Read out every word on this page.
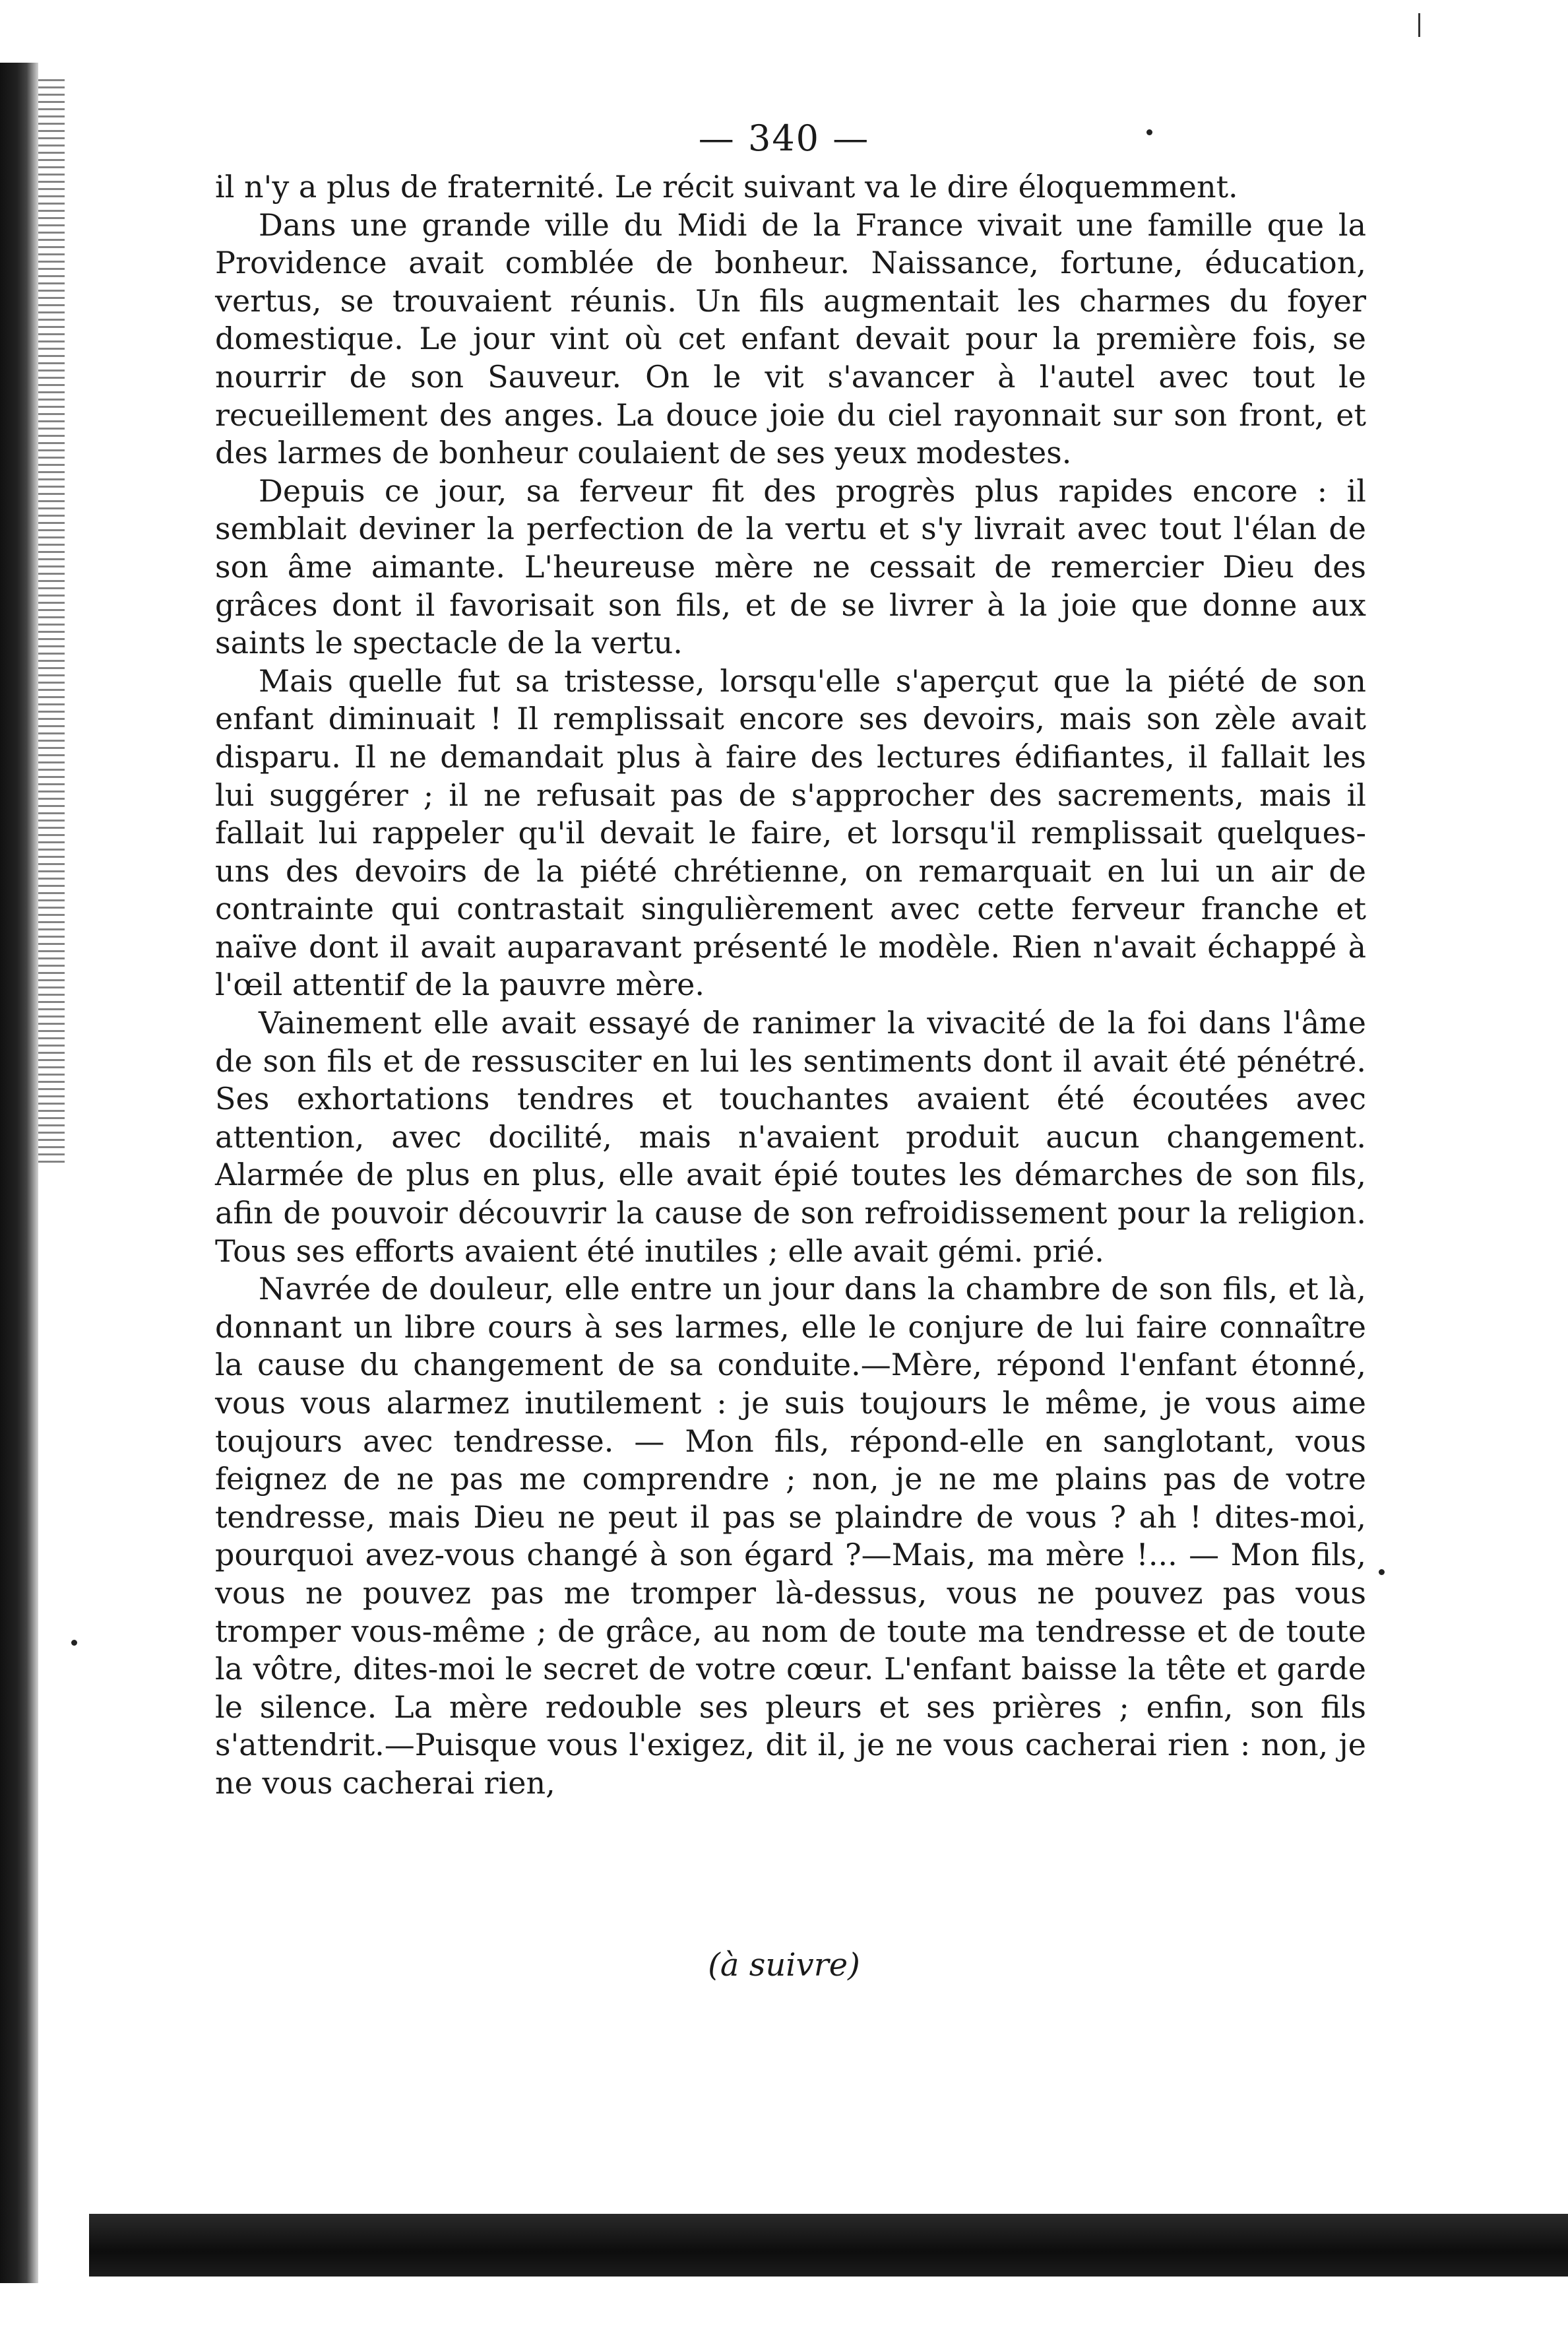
— 340 —

il n'y a plus de fraternité. Le récit suivant va le dire éloquemment.

Dans une grande ville du Midi de la France vivait une famille que la Providence avait comblée de bonheur. Naissance, fortune, éducation, vertus, se trouvaient réunis. Un fils augmentait les charmes du foyer domestique. Le jour vint où cet enfant devait pour la première fois, se nourrir de son Sauveur. On le vit s'avancer à l'autel avec tout le recueillement des anges. La douce joie du ciel rayonnait sur son front, et des larmes de bonheur coulaient de ses yeux modestes.

Depuis ce jour, sa ferveur fit des progrès plus rapides encore : il semblait deviner la perfection de la vertu et s'y livrait avec tout l'élan de son âme aimante. L'heureuse mère ne cessait de remercier Dieu des grâces dont il favorisait son fils, et de se livrer à la joie que donne aux saints le spectacle de la vertu.

Mais quelle fut sa tristesse, lorsqu'elle s'aperçut que la piété de son enfant diminuait ! Il remplissait encore ses devoirs, mais son zèle avait disparu. Il ne demandait plus à faire des lectures édifiantes, il fallait les lui suggérer ; il ne refusait pas de s'approcher des sacrements, mais il fallait lui rappeler qu'il devait le faire, et lorsqu'il remplissait quelques-uns des devoirs de la piété chrétienne, on remarquait en lui un air de contrainte qui contrastait singulièrement avec cette ferveur franche et naïve dont il avait auparavant présenté le modèle. Rien n'avait échappé à l'œil attentif de la pauvre mère.

Vainement elle avait essayé de ranimer la vivacité de la foi dans l'âme de son fils et de ressusciter en lui les sentiments dont il avait été pénétré. Ses exhortations tendres et touchantes avaient été écoutées avec attention, avec docilité, mais n'avaient produit aucun changement. Alarmée de plus en plus, elle avait épié toutes les démarches de son fils, afin de pouvoir découvrir la cause de son refroidissement pour la religion. Tous ses efforts avaient été inutiles ; elle avait gémi. prié.

Navrée de douleur, elle entre un jour dans la chambre de son fils, et là, donnant un libre cours à ses larmes, elle le conjure de lui faire connaître la cause du changement de sa conduite.—Mère, répond l'enfant étonné, vous vous alarmez inutilement : je suis toujours le même, je vous aime toujours avec tendresse. — Mon fils, répond-elle en sanglotant, vous feignez de ne pas me comprendre ; non, je ne me plains pas de votre tendresse, mais Dieu ne peut il pas se plaindre de vous ? ah ! dites-moi, pourquoi avez-vous changé à son égard ?—Mais, ma mère !... — Mon fils, vous ne pouvez pas me tromper là-dessus, vous ne pouvez pas vous tromper vous-même ; de grâce, au nom de toute ma tendresse et de toute la vôtre, dites-moi le secret de votre cœur. L'enfant baisse la tête et garde le silence. La mère redouble ses pleurs et ses prières ; enfin, son fils s'attendrit.—Puisque vous l'exigez, dit il, je ne vous cacherai rien : non, je ne vous cacherai rien,

(à suivre)
